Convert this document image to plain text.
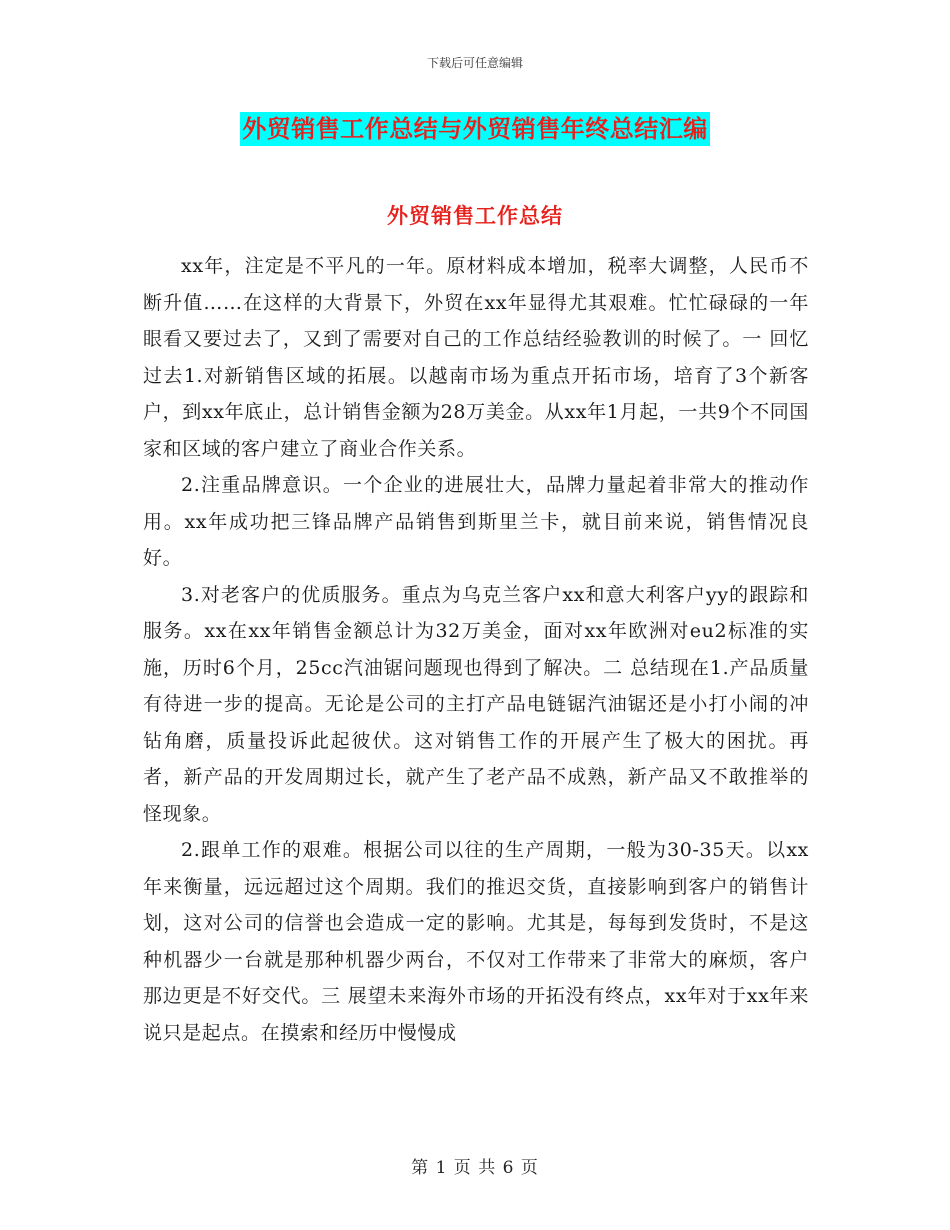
下载后可任意编辑
外贸销售工作总结与外贸销售年终总结汇编
外贸销售工作总结

xx年，注定是不平凡的一年。原材料成本增加，税率大调整，人民币不断升值……在这样的大背景下，外贸在xx年显得尤其艰难。忙忙碌碌的一年眼看又要过去了，又到了需要对自己的工作总结经验教训的时候了。一 回忆过去1.对新销售区域的拓展。以越南市场为重点开拓市场，培育了3个新客户，到xx年底止，总计销售金额为28万美金。从xx年1月起，一共9个不同国家和区域的客户建立了商业合作关系。

2.注重品牌意识。一个企业的进展壮大，品牌力量起着非常大的推动作用。xx年成功把三锋品牌产品销售到斯里兰卡，就目前来说，销售情况良好。

3.对老客户的优质服务。重点为乌克兰客户xx和意大利客户yy的跟踪和服务。xx在xx年销售金额总计为32万美金，面对xx年欧洲对eu2标准的实施，历时6个月，25cc汽油锯问题现也得到了解决。二 总结现在1.产品质量有待进一步的提高。无论是公司的主打产品电链锯汽油锯还是小打小闹的冲钻角磨，质量投诉此起彼伏。这对销售工作的开展产生了极大的困扰。再者，新产品的开发周期过长，就产生了老产品不成熟，新产品又不敢推举的怪现象。

2.跟单工作的艰难。根据公司以往的生产周期，一般为30-35天。以xx年来衡量，远远超过这个周期。我们的推迟交货，直接影响到客户的销售计划，这对公司的信誉也会造成一定的影响。尤其是，每每到发货时，不是这种机器少一台就是那种机器少两台，不仅对工作带来了非常大的麻烦，客户那边更是不好交代。三 展望未来海外市场的开拓没有终点，xx年对于xx年来说只是起点。在摸索和经历中慢慢成

第 1 页 共 6 页
